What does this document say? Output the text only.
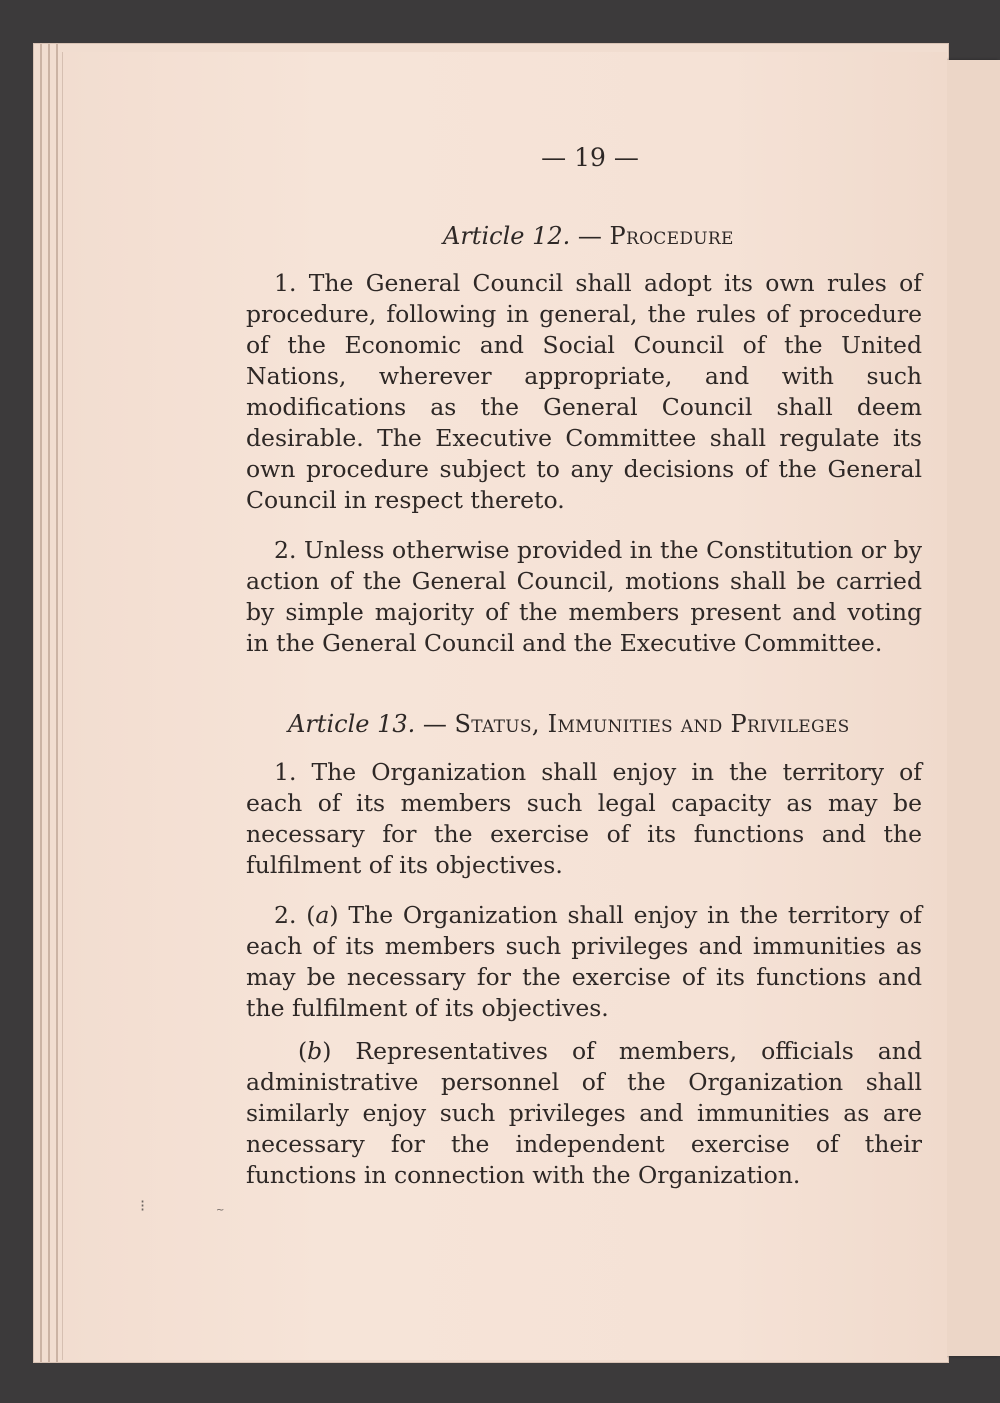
— 19 —
Article 12. — Procedure

1. The General Council shall adopt its own rules of procedure, following in general, the rules of procedure of the Economic and Social Council of the United Nations, wherever appropriate, and with such modifications as the General Council shall deem desirable. The Executive Committee shall regulate its own procedure subject to any decisions of the General Council in respect thereto.

2. Unless otherwise provided in the Constitution or by action of the General Council, motions shall be carried by simple majority of the members present and voting in the General Council and the Executive Committee.

Article 13. — Status, Immunities and Privileges

1. The Organization shall enjoy in the territory of each of its members such legal capacity as may be necessary for the exercise of its functions and the fulfilment of its objectives.

2. (a) The Organization shall enjoy in the territory of each of its members such privileges and immunities as may be necessary for the exercise of its functions and the fulfilment of its objectives.

(b) Representatives of members, officials and administrative personnel of the Organization shall similarly enjoy such privileges and immunities as are necessary for the independent exercise of their functions in connection with the Organization.

⁝	~
